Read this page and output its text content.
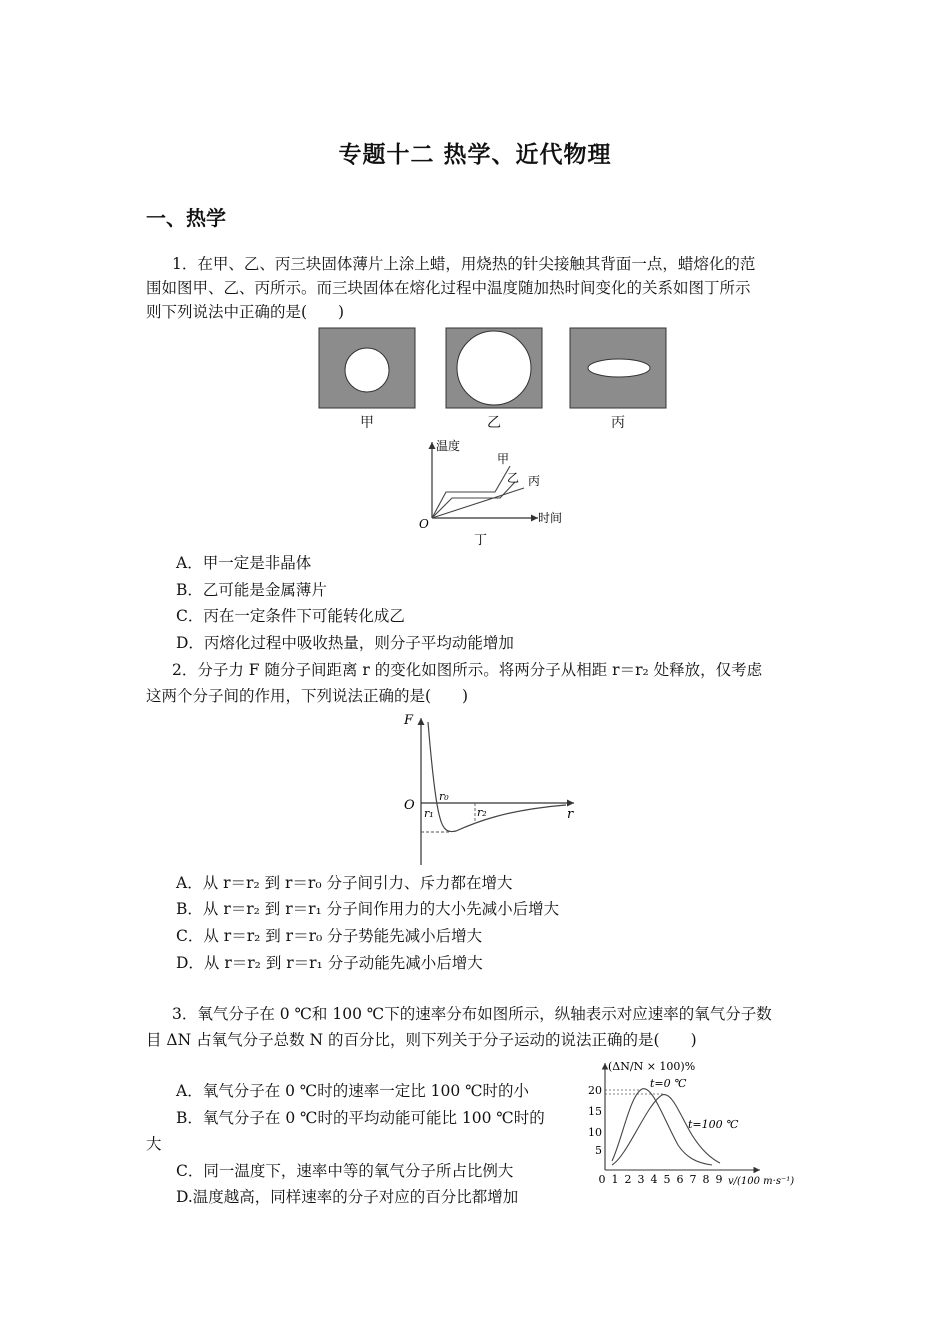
专题十二 热学、近代物理
一、热学
1．在甲、乙、丙三块固体薄片上涂上蜡，用烧热的针尖接触其背面一点，蜡熔化的范
围如图甲、乙、丙所示。而三块固体在熔化过程中温度随加热时间变化的关系如图丁所示
则下列说法中正确的是(　　)
甲	乙	丙
温度
时间
O
甲
乙 丙
丁
A．甲一定是非晶体
B．乙可能是金属薄片
C．丙在一定条件下可能转化成乙
D．丙熔化过程中吸收热量，则分子平均动能增加
2．分子力 F 随分子间距离 r 的变化如图所示。将两分子从相距 r＝r₂ 处释放，仅考虑
这两个分子间的作用，下列说法正确的是(　　)
F
r
O
r₀
r₁	r₂
A．从 r＝r₂ 到 r＝r₀ 分子间引力、斥力都在增大
B．从 r＝r₂ 到 r＝r₁ 分子间作用力的大小先减小后增大
C．从 r＝r₂ 到 r＝r₀ 分子势能先减小后增大
D．从 r＝r₂ 到 r＝r₁ 分子动能先减小后增大
3．氧气分子在 0 ℃和 100 ℃下的速率分布如图所示，纵轴表示对应速率的氧气分子数
目 ΔN 占氧气分子总数 N 的百分比，则下列关于分子运动的说法正确的是(　　)
A．氧气分子在 0 ℃时的速率一定比 100 ℃时的小
B．氧气分子在 0 ℃时的平均动能可能比 100 ℃时的
大
C．同一温度下，速率中等的氧气分子所占比例大
D.温度越高，同样速率的分子对应的百分比都增加
(ΔN/N × 100)%
t=0 ℃
t=100 ℃
5
10
15
20
0 1 2 3 4 5 6 7 8 9 v/(100 m·s⁻¹)
